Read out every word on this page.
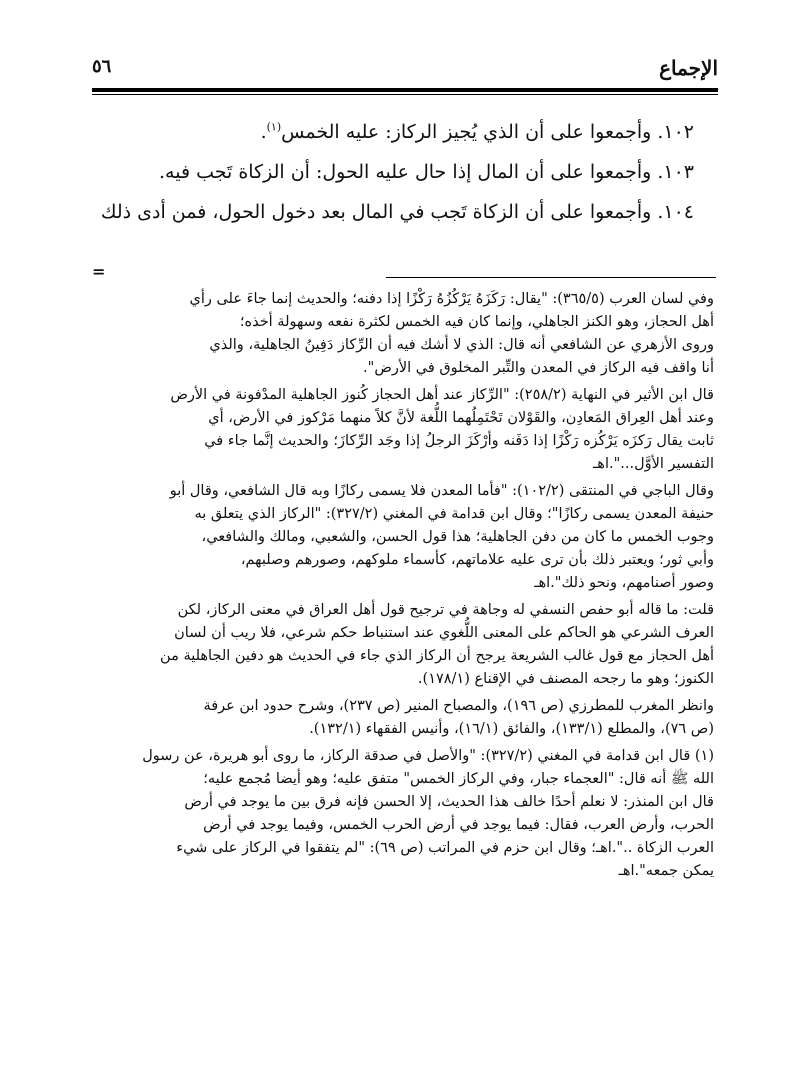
الإجماع
٥٦

١٠٢. وأجمعوا على أن الذي يُجيز الركاز: عليه الخمس$^{(١)}$.

١٠٣. وأجمعوا على أن المال إذا حال عليه الحول: أن الزكاة تَجب فيه.

١٠٤. وأجمعوا على أن الزكاة تَجب في المال بعد دخول الحول، فمن أدى ذلك

=

وفي لسان العرب (٣٦٥/٥): "يقال: رَكَزَهُ يَرْكُزُهُ رَكْزًا إذا دفنه؛ والحديث إنما جاءَ على رأي
أهل الحجاز، وهو الكنز الجاهلي، وإنما كان فيه الخمس لكثرة نفعه وسهولة أخذه؛
وروى الأزهري عن الشافعي أنه قال: الذي لا أشك فيه أن الرِّكاز دَفِينُ الجاهلية، والذي
أنا واقف فيه الركاز في المعدن والتِّبر المخلوق في الأرض".

قال ابن الأثير في النهاية (٢٥٨/٢): "الرِّكاز عند أهل الحجاز كُنوز الجاهلية المدْفونة في الأرض
وعند أهل العِراق المَعادِن، والقَوْلان تَحْتَمِلُهما اللُّغة لأنَّ كلاً منهما مَرْكوز في الأرض، أي
ثابت يقال رَكزَه يَرْكُزه رَكْزًا إذا دَفَنه وأرْكَزَ الرجلُ إذا وجَد الرِّكازَ؛ والحديث إنَّما جاء في
التفسير الأوَّل...".اهـ

وقال الباجي في المنتقى (١٠٢/٢): "فأما المعدن فلا يسمى ركازًا وبه قال الشافعي، وقال أبو
حنيفة المعدن يسمى ركازًا"؛ وقال ابن قدامة في المغني (٣٢٧/٢): "الركاز الذي يتعلق به
وجوب الخمس ما كان من دفن الجاهلية؛ هذا قول الحسن، والشعبي، ومالك والشافعي،
وأبي ثور؛ ويعتبر ذلك بأن ترى عليه علاماتهم، كأسماء ملوكهم، وصورهم وصلبهم،
وصور أصنامهم، ونحو ذلك".اهـ

قلت: ما قاله أبو حفص النسفي له وجاهة في ترجيح قول أهل العراق في معنى الركاز، لكن
العرف الشرعي هو الحاكم على المعنى اللُّغوي عند استنباط حكم شرعي، فلا ريب أن لسان
أهل الحجاز مع قول غالب الشريعة يرجح أن الركاز الذي جاء في الحديث هو دفين الجاهلية من
الكنوز؛ وهو ما رجحه المصنف في الإقناع (١٧٨/١).

وانظر المغرب للمطرزي (ص ١٩٦)، والمصباح المنير (ص ٢٣٧)، وشرح حدود ابن عرفة
(ص ٧٦)، والمطلع (١٣٣/١)، والفائق (١٦/١)، وأنيس الفقهاء (١٣٢/١).

(١) قال ابن قدامة في المغني (٣٢٧/٢): "والأصل في صدقة الركاز، ما روى أبو هريرة، عن رسول
الله ﷺ أنه قال: "العجماء جبار، وفي الركاز الخمس" متفق عليه؛ وهو أيضا مُجمع عليه؛
قال ابن المنذر: لا نعلم أحدًا خالف هذا الحديث، إلا الحسن فإنه فرق بين ما يوجد في أرض
الحرب، وأرض العرب، فقال: فيما يوجد في أرض الحرب الخمس، وفيما يوجد في أرض
العرب الزكاة ..".اهـ؛ وقال ابن حزم في المراتب (ص ٦٩): "لم يتفقوا في الركاز على شيء
يمكن جمعه".اهـ
